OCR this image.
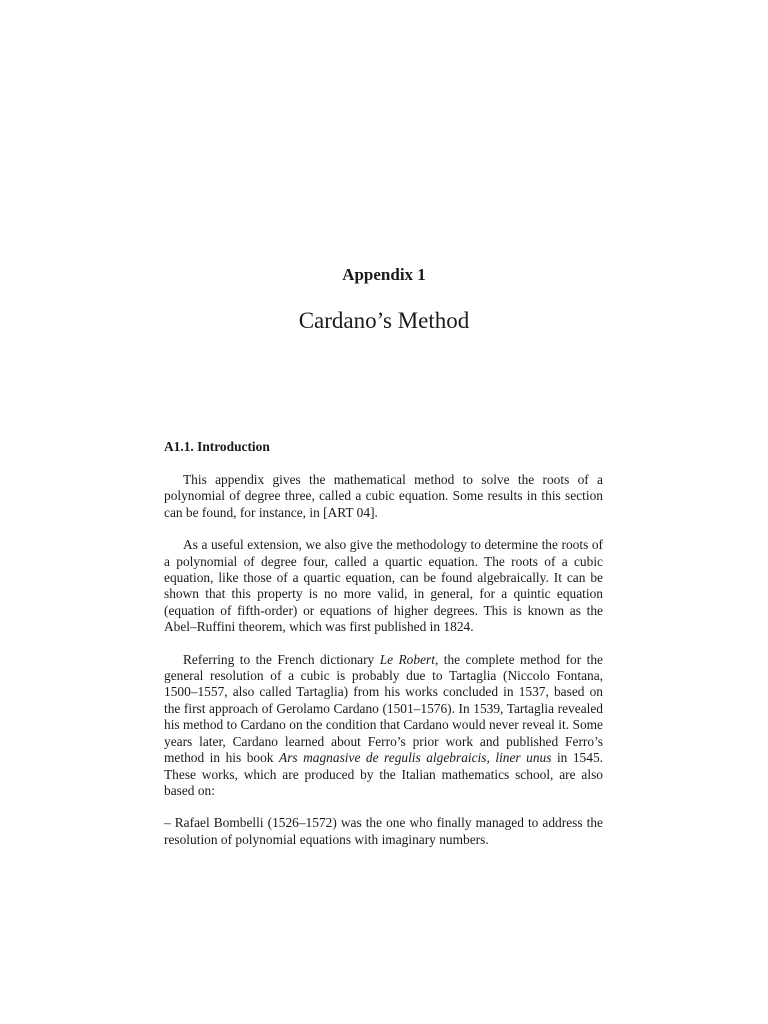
Appendix 1
Cardano’s Method
A1.1. Introduction

This appendix gives the mathematical method to solve the roots of a polynomial of degree three, called a cubic equation. Some results in this section can be found, for instance, in [ART 04].

As a useful extension, we also give the methodology to determine the roots of a polynomial of degree four, called a quartic equation. The roots of a cubic equation, like those of a quartic equation, can be found algebraically. It can be shown that this property is no more valid, in general, for a quintic equation (equation of fifth-order) or equations of higher degrees. This is known as the Abel–Ruffini theorem, which was first published in 1824.

Referring to the French dictionary Le Robert, the complete method for the general resolution of a cubic is probably due to Tartaglia (Niccolo Fontana, 1500–1557, also called Tartaglia) from his works concluded in 1537, based on the first approach of Gerolamo Cardano (1501–1576). In 1539, Tartaglia revealed his method to Cardano on the condition that Cardano would never reveal it. Some years later, Cardano learned about Ferro’s prior work and published Ferro’s method in his book Ars magnasive de regulis algebraicis, liner unus in 1545. These works, which are produced by the Italian mathematics school, are also based on:

– Rafael Bombelli (1526–1572) was the one who finally managed to address the resolution of polynomial equations with imaginary numbers.
